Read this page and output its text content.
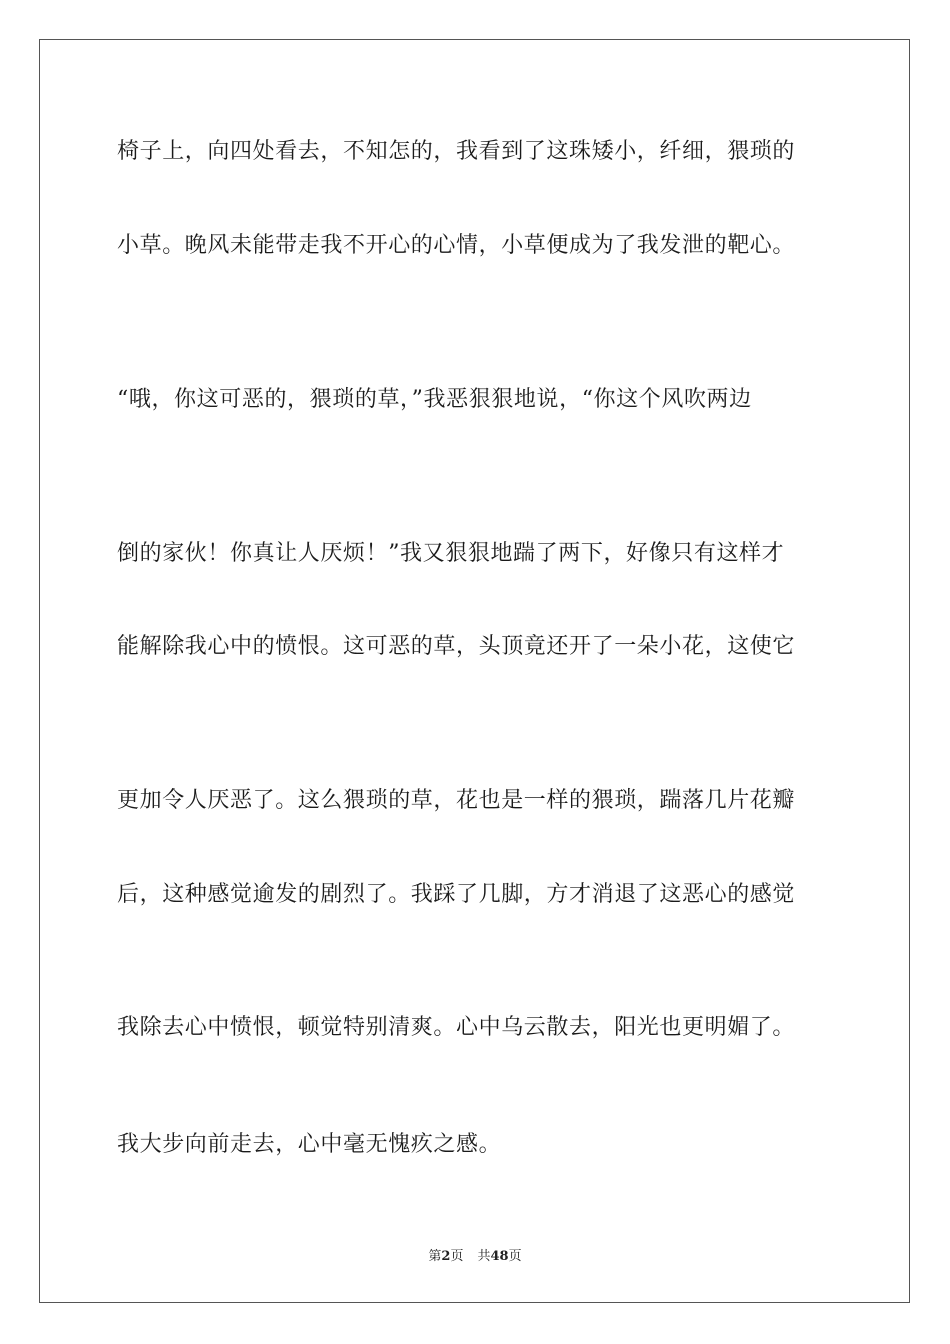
椅子上，向四处看去，不知怎的，我看到了这珠矮小，纤细，猥琐的
小草。晚风未能带走我不开心的心情，小草便成为了我发泄的靶心。
“哦，你这可恶的，猥琐的草，”我恶狠狠地说，“你这个风吹两边
倒的家伙！你真让人厌烦！”我又狠狠地踹了两下，好像只有这样才
能解除我心中的愤恨。这可恶的草，头顶竟还开了一朵小花，这使它
更加令人厌恶了。这么猥琐的草，花也是一样的猥琐，踹落几片花瓣
后，这种感觉逾发的剧烈了。我踩了几脚，方才消退了这恶心的感觉
我除去心中愤恨，顿觉特别清爽。心中乌云散去，阳光也更明媚了。
我大步向前走去，心中毫无愧疚之感。
第2页 共48页
